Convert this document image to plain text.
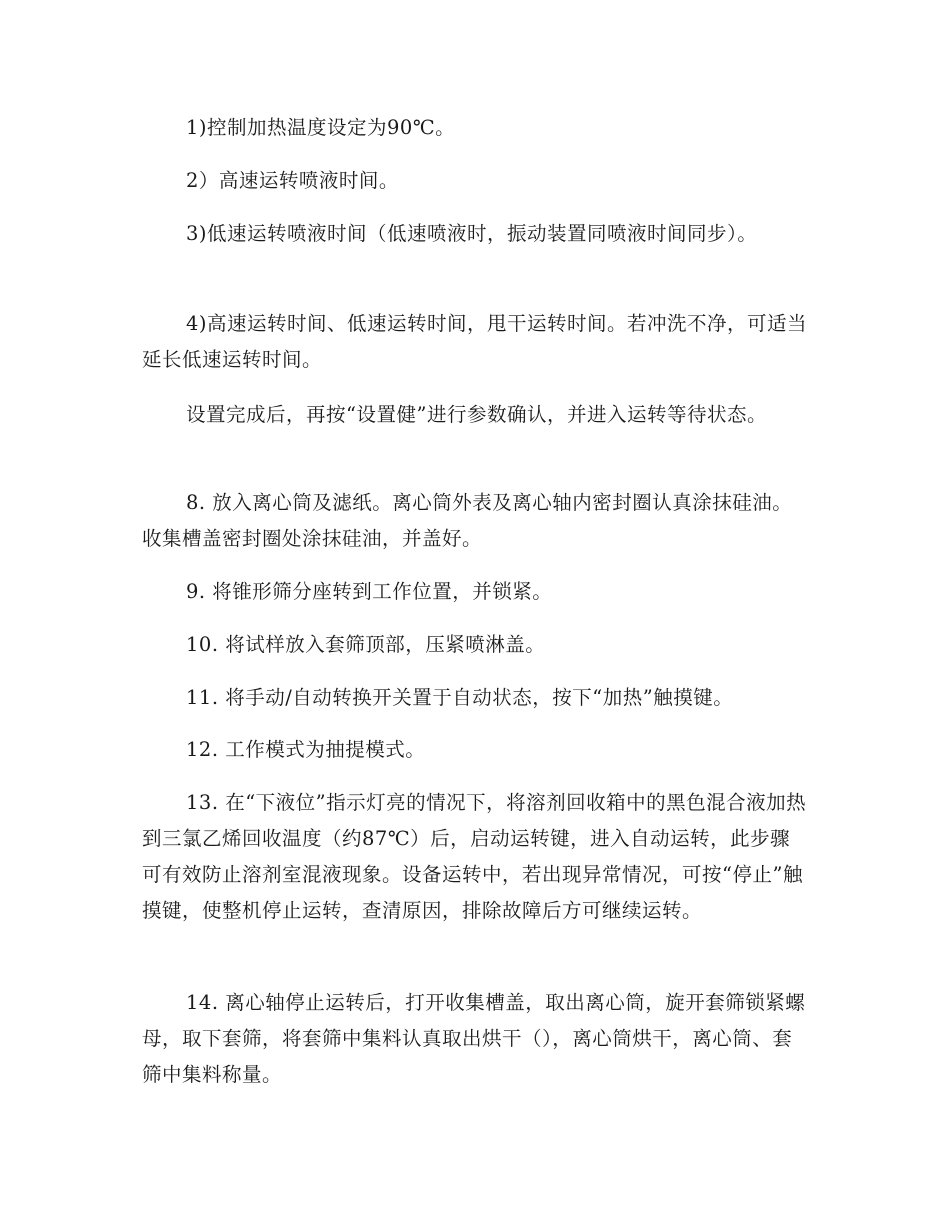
1)控制加热温度设定为90℃。

2）高速运转喷液时间。

3)低速运转喷液时间（低速喷液时，振动装置同喷液时间同步）。

4)高速运转时间、低速运转时间，甩干运转时间。若冲洗不净，可适当延长低速运转时间。

设置完成后，再按“设置健”进行参数确认，并进入运转等待状态。

8. 放入离心筒及滤纸。离心筒外表及离心轴内密封圈认真涂抹硅油。收集槽盖密封圈处涂抹硅油，并盖好。

9. 将锥形筛分座转到工作位置，并锁紧。

10. 将试样放入套筛顶部，压紧喷淋盖。

11. 将手动/自动转换开关置于自动状态，按下“加热”触摸键。

12. 工作模式为抽提模式。

13. 在“下液位”指示灯亮的情况下，将溶剂回收箱中的黑色混合液加热到三氯乙烯回收温度（约87℃）后，启动运转键，进入自动运转，此步骤可有效防止溶剂室混液现象。设备运转中，若出现异常情况，可按“停止”触摸键，使整机停止运转，查清原因，排除故障后方可继续运转。

14. 离心轴停止运转后，打开收集槽盖，取出离心筒，旋开套筛锁紧螺母，取下套筛，将套筛中集料认真取出烘干（），离心筒烘干，离心筒、套筛中集料称量。
